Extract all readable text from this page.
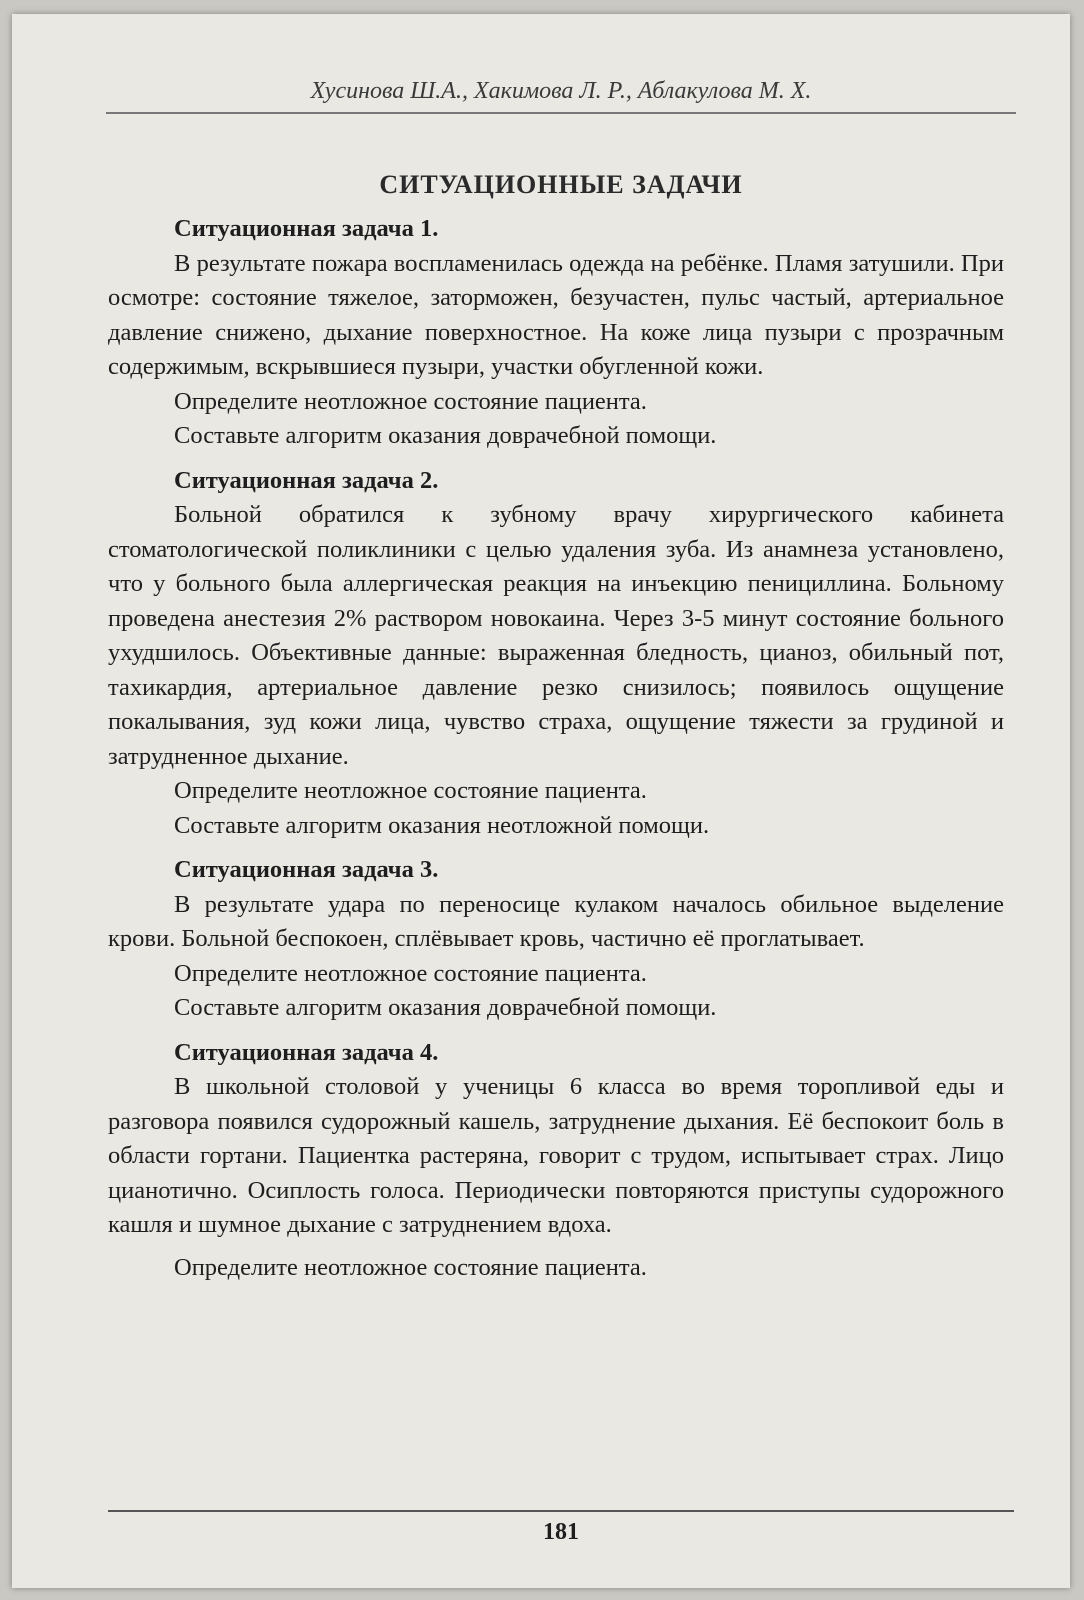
Хусинова Ш.А., Хакимова Л. Р., Аблакулова М. Х.
СИТУАЦИОННЫЕ ЗАДАЧИ
Ситуационная задача 1.

В результате пожара воспламенилась одежда на ребёнке. Пламя затушили. При осмотре: состояние тяжелое, заторможен, безучастен, пульс частый, артериальное давление снижено, дыхание поверхностное. На коже лица пузыри с прозрачным содержимым, вскрывшиеся пузыри, участки обугленной кожи.

Определите неотложное состояние пациента.

Составьте алгоритм оказания доврачебной помощи.

Ситуационная задача 2.

Больной обратился к зубному врачу хирургического кабинета стоматологической поликлиники с целью удаления зуба. Из анамнеза установлено, что у больного была аллергическая реакция на инъекцию пенициллина. Больному проведена анестезия 2% раствором новокаина. Через 3-5 минут состояние больного ухудшилось. Объективные данные: выраженная бледность, цианоз, обильный пот, тахикардия, артериальное давление резко снизилось; появилось ощущение покалывания, зуд кожи лица, чувство страха, ощущение тяжести за грудиной и затрудненное дыхание.

Определите неотложное состояние пациента.

Составьте алгоритм оказания неотложной помощи.

Ситуационная задача 3.

В результате удара по переносице кулаком началось обильное выделение крови. Больной беспокоен, сплёвывает кровь, частично её проглатывает.

Определите неотложное состояние пациента.

Составьте алгоритм оказания доврачебной помощи.

Ситуационная задача 4.

В школьной столовой у ученицы 6 класса во время торопливой еды и разговора появился судорожный кашель, затруднение дыхания. Её беспокоит боль в области гортани. Пациентка растеряна, говорит с трудом, испытывает страх. Лицо цианотично. Осиплость голоса. Периодически повторяются приступы судорожного кашля и шумное дыхание с затруднением вдоха.

Определите неотложное состояние пациента.

181
